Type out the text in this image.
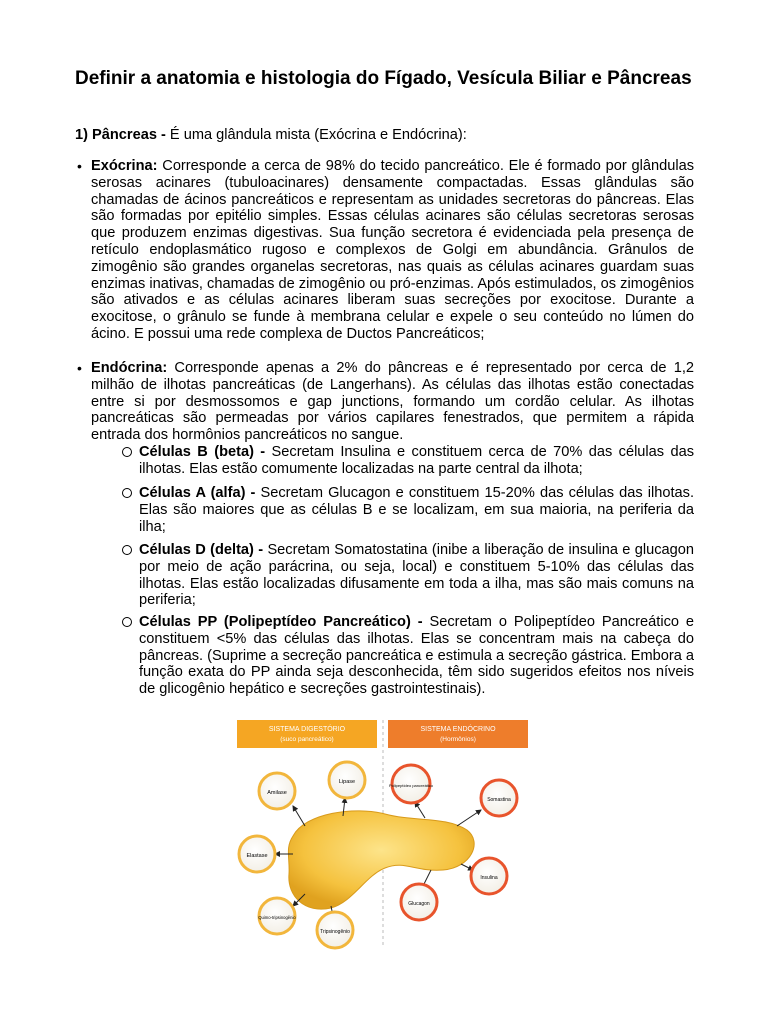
Definir a anatomia e histologia do Fígado, Vesícula Biliar e Pâncreas
1) Pâncreas - É uma glândula mista (Exócrina e Endócrina):
• Exócrina: Corresponde a cerca de 98% do tecido pancreático. Ele é formado por glândulas serosas acinares (tubuloacinares) densamente compactadas. Essas glândulas são chamadas de ácinos pancreáticos e representam as unidades secretoras do pâncreas. Elas são formadas por epitélio simples. Essas células acinares são células secretoras serosas que produzem enzimas digestivas. Sua função secretora é evidenciada pela presença de retículo endoplasmático rugoso e complexos de Golgi em abundância. Grânulos de zimogênio são grandes organelas secretoras, nas quais as células acinares guardam suas enzimas inativas, chamadas de zimogênio ou pró-enzimas. Após estimulados, os zimogênios são ativados e as células acinares liberam suas secreções por exocitose. Durante a exocitose, o grânulo se funde à membrana celular e expele o seu conteúdo no lúmen do ácino. E possui uma rede complexa de Ductos Pancreáticos;
• Endócrina: Corresponde apenas a 2% do pâncreas e é representado por cerca de 1,2 milhão de ilhotas pancreáticas (de Langerhans). As células das ilhotas estão conectadas entre si por desmossomos e gap junctions, formando um cordão celular. As ilhotas pancreáticas são permeadas por vários capilares fenestrados, que permitem a rápida entrada dos hormônios pancreáticos no sangue.
Células B (beta) - Secretam Insulina e constituem cerca de 70% das células das ilhotas. Elas estão comumente localizadas na parte central da ilhota;
Células A (alfa) - Secretam Glucagon e constituem 15-20% das células das ilhotas. Elas são maiores que as células B e se localizam, em sua maioria, na periferia da ilha;
Células D (delta) - Secretam Somatostatina (inibe a liberação de insulina e glucagon por meio de ação parácrina, ou seja, local) e constituem 5-10% das células das ilhotas. Elas estão localizadas difusamente em toda a ilha, mas são mais comuns na periferia;
Células PP (Polipeptídeo Pancreático) - Secretam o Polipeptídeo Pancreático e constituem <5% das células das ilhotas. Elas se concentram mais na cabeça do pâncreas. (Suprime a secreção pancreática e estimula a secreção gástrica. Embora a função exata do PP ainda seja desconhecida, têm sido sugeridos efeitos nos níveis de glicogênio hepático e secreções gastrointestinais).
SISTEMA DIGESTÓRIO
(suco pancreático)
SISTEMA ENDÓCRINO
(Hormônios)
Amilase
Lipase
Elastase
Quimo-tripsinogênio
Tripsinogênio
Polipeptídeo pancreático
Somastina
Insulina
Glucagon
